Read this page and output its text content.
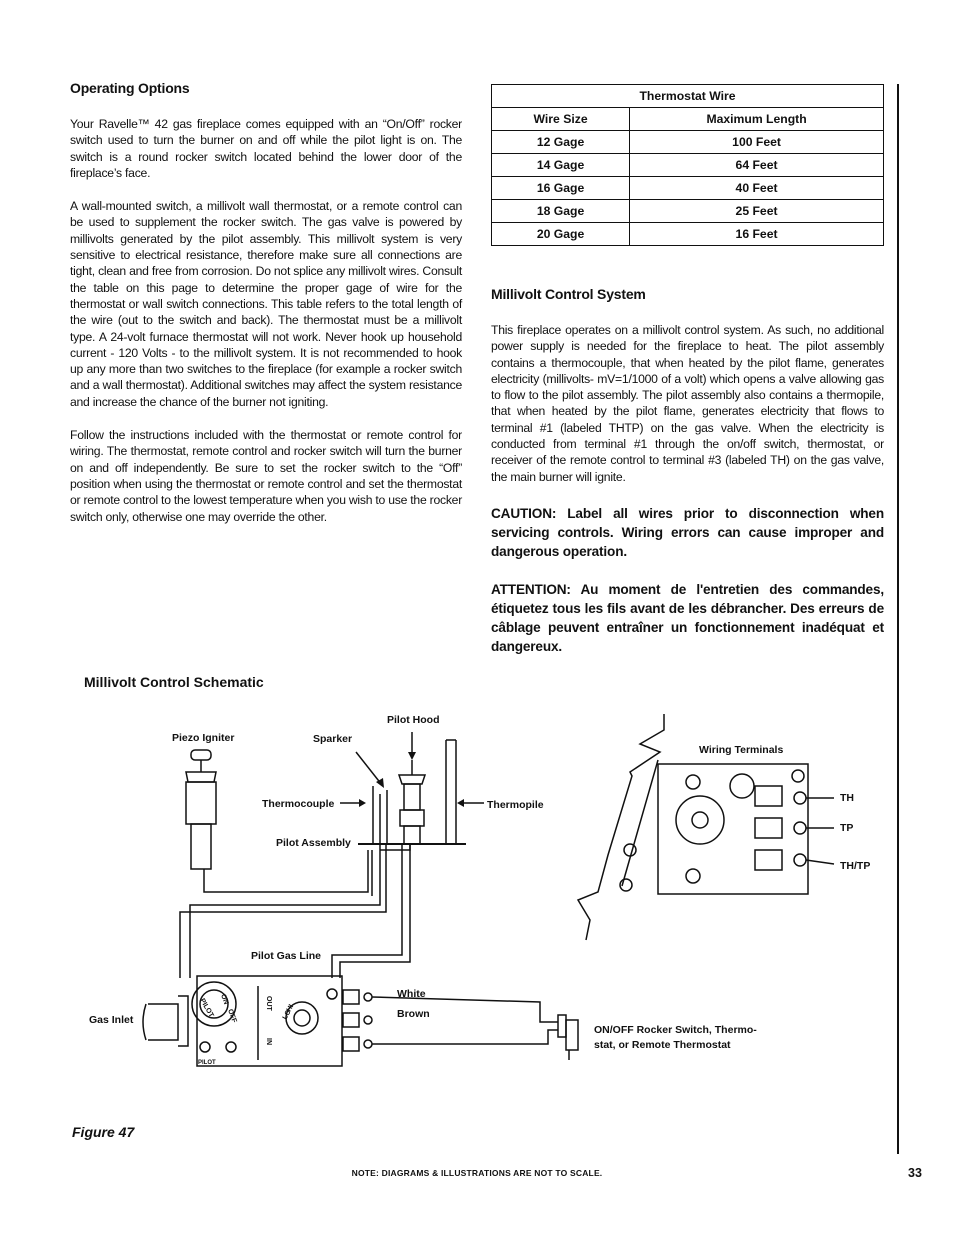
Operating Options

Your Ravelle™ 42 gas fireplace comes equipped with an “On/Off” rocker switch used to turn the burner on and off while the pilot light is on. The switch is a round rocker switch located behind the lower door of the fireplace’s face.

A wall-mounted switch, a millivolt wall thermostat, or a remote control can be used to supplement the rocker switch. The gas valve is powered by millivolts generated by the pilot assembly. This millivolt system is very sensitive to electrical resistance, therefore make sure all connections are tight, clean and free from corrosion. Do not splice any millivolt wires. Consult the table on this page to determine the proper gage of wire for the thermostat or wall switch connections. This table refers to the total length of the wire (out to the switch and back). The thermostat must be a millivolt type. A 24-volt furnace thermostat will not work. Never hook up household current - 120 Volts - to the millivolt system. It is not recommended to hook up any more than two switches to the fireplace (for example a rocker switch and a wall thermostat). Additional switches may affect the system resistance and increase the chance of the burner not igniting.

Follow the instructions included with the thermostat or remote control for wiring. The thermostat, remote control and rocker switch will turn the burner on and off independently. Be sure to set the rocker switch to the “Off” position when using the thermostat or remote control and set the thermostat or remote control to the lowest temperature when you wish to use the rocker switch only, otherwise one may override the other.

Thermostat Wire	
Wire Size	Maximum Length
12 Gage	100 Feet
14 Gage	64 Feet
16 Gage	40 Feet
18 Gage	25 Feet
20 Gage	16 Feet
Millivolt Control System

This fireplace operates on a millivolt control system. As such, no additional power supply is needed for the fireplace to heat. The pilot assembly contains a thermocouple, that when heated by the pilot flame, generates electricity (millivolts- mV=1/1000 of a volt) which opens a valve allowing gas to flow to the pilot assembly. The pilot assembly also contains a thermopile, that when heated by the pilot flame, generates electricity that flows to terminal #1 (labeled THTP) on the gas valve. When the electricity is conducted from terminal #1 through the on/off switch, thermostat, or receiver of the remote control to terminal #3 (labeled TH) on the gas valve, the main burner will ignite.

CAUTION: Label all wires prior to disconnection when servicing controls. Wiring errors can cause improper and dangerous operation.

ATTENTION: Au moment de l'entretien des commandes, étiquetez tous les fils avant de les débrancher. Des erreurs de câblage peuvent entraîner un fonctionnement inadéquat et dangereux.

Millivolt Control Schematic
Pilot Hood
Piezo Igniter	Sparker
Thermocouple	Thermopile
Pilot Assembly
Pilot Gas Line
White
Brown
Gas Inlet
ON/OFF Rocker Switch, Thermo-
stat, or Remote Thermostat
Wiring Terminals
TH
TP
TH/TP
ON
OFF
PILOT	OUT
IN
LO
HI
PILOT
Figure 47
NOTE: DIAGRAMS & ILLUSTRATIONS ARE NOT TO SCALE.	33
